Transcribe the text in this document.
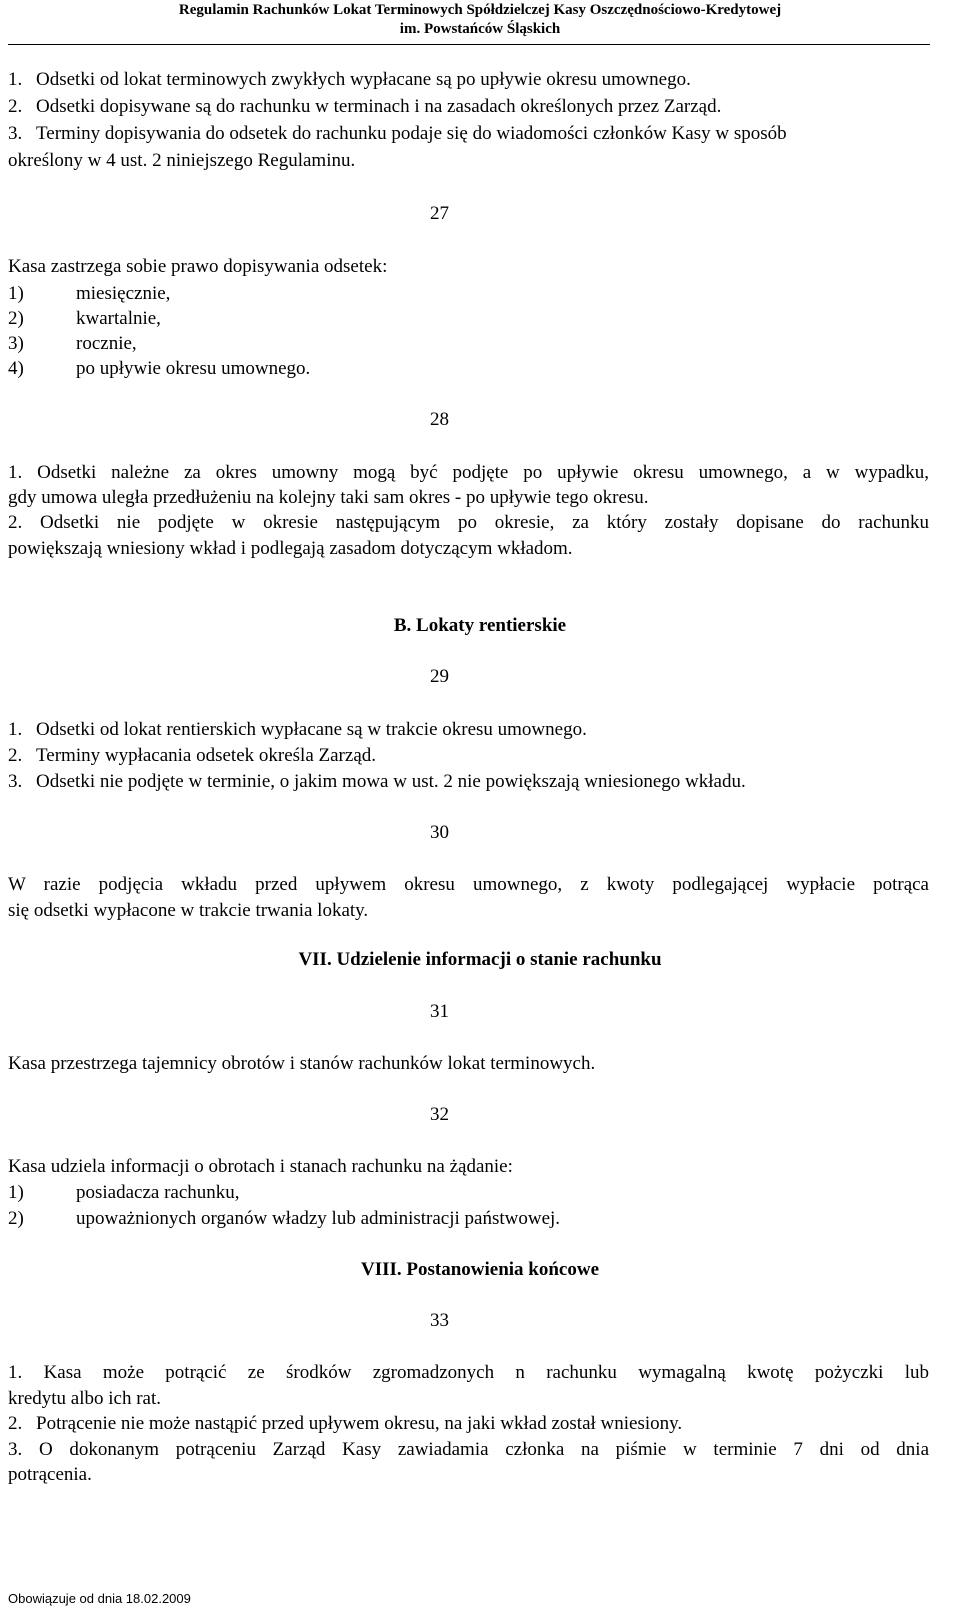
Regulamin Rachunków Lokat Terminowych Spółdzielczej Kasy Oszczędnościowo-Kredytowej
im. Powstańców Śląskich
1. Odsetki od lokat terminowych zwykłych wypłacane są po upływie okresu umownego.
2. Odsetki dopisywane są do rachunku w terminach i na zasadach określonych przez Zarząd.
3. Terminy dopisywania do odsetek do rachunku podaje się do wiadomości członków Kasy w sposób
określony w 4 ust. 2 niniejszego Regulaminu.
27
Kasa zastrzega sobie prawo dopisywania odsetek:
1)	miesięcznie,
2)	kwartalnie,
3)	rocznie,
4)	po upływie okresu umownego.
28
1. Odsetki należne za okres umowny mogą być podjęte po upływie okresu umownego, a w wypadku,
gdy umowa uległa przedłużeniu na kolejny taki sam okres - po upływie tego okresu.
2. Odsetki nie podjęte w okresie następującym po okresie, za który zostały dopisane do rachunku
powiększają wniesiony wkład i podlegają zasadom dotyczącym wkładom.
B. Lokaty rentierskie
29
1. Odsetki od lokat rentierskich wypłacane są w trakcie okresu umownego.
2. Terminy wypłacania odsetek określa Zarząd.
3. Odsetki nie podjęte w terminie, o jakim mowa w ust. 2 nie powiększają wniesionego wkładu.
30
W razie podjęcia wkładu przed upływem okresu umownego, z kwoty podlegającej wypłacie potrąca
się odsetki wypłacone w trakcie trwania lokaty.
VII. Udzielenie informacji o stanie rachunku
31
Kasa przestrzega tajemnicy obrotów i stanów rachunków lokat terminowych.
32
Kasa udziela informacji o obrotach i stanach rachunku na żądanie:
1)	posiadacza rachunku,
2)	upoważnionych organów władzy lub administracji państwowej.
VIII. Postanowienia końcowe
33
1. Kasa może potrącić ze środków zgromadzonych n rachunku wymagalną kwotę pożyczki lub
kredytu albo ich rat.
2. Potrącenie nie może nastąpić przed upływem okresu, na jaki wkład został wniesiony.
3. O dokonanym potrąceniu Zarząd Kasy zawiadamia członka na piśmie w terminie 7 dni od dnia
potrącenia.
Obowiązuje od dnia 18.02.2009
